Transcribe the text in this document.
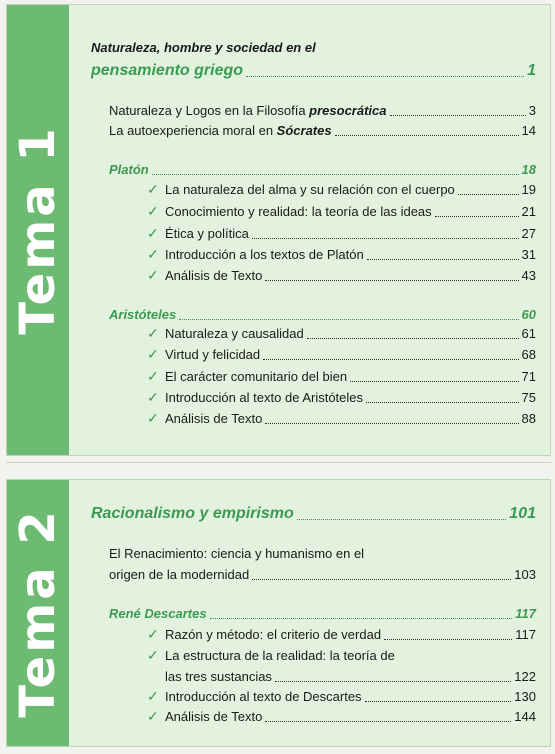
Tema 1
Naturaleza, hombre y sociedad en el
pensamiento griego	1
Naturaleza y Logos en la Filosofía presocrática	3
La autoexperiencia moral en Sócrates	14
Platón	18
✓ La naturaleza del alma y su relación con el cuerpo	19
✓ Conocimiento y realidad: la teoría de las ideas	21
✓ Ética y política	27
✓ Introducción a los textos de Platón	31
✓ Análisis de Texto	43
Aristóteles	60
✓ Naturaleza y causalidad	61
✓ Virtud y felicidad	68
✓ El carácter comunitario del bien	71
✓ Introducción al texto de Aristóteles	75
✓ Análisis de Texto	88
Tema 2 Racionalismo y empirismo	101
El Renacimiento: ciencia y humanismo en el
origen de la modernidad	103
René Descartes	117
✓ Razón y método: el criterio de verdad	117
✓ La estructura de la realidad: la teoría de
las tres sustancias	122
✓ Introducción al texto de Descartes	130
✓ Análisis de Texto	144
